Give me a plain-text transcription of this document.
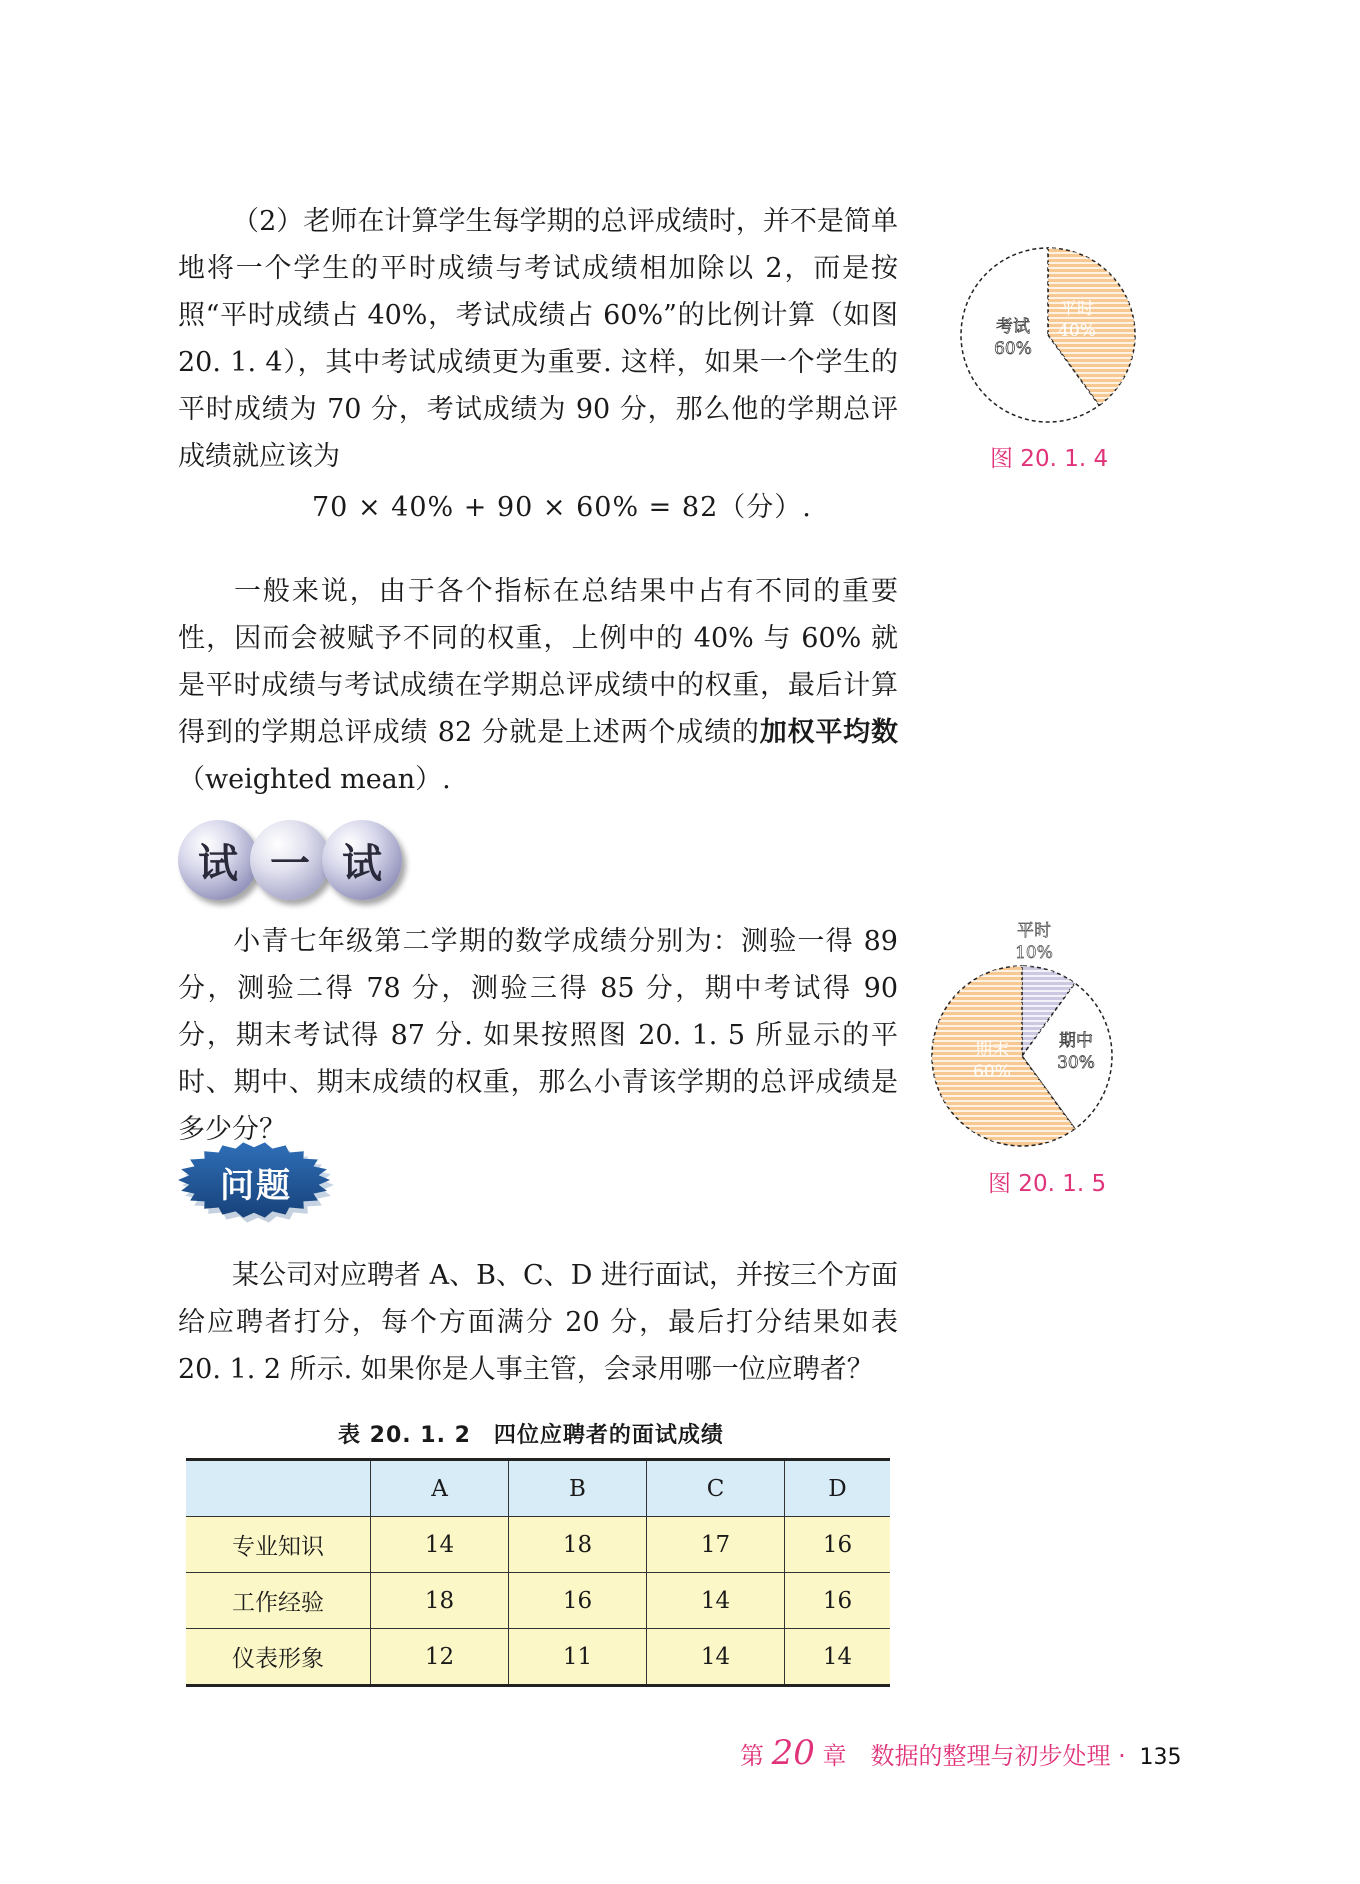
（2）老师在计算学生每学期的总评成绩时，并不是简单地将一个学生的平时成绩与考试成绩相加除以 2，而是按照“平时成绩占 40%，考试成绩占 60%”的比例计算（如图 20. 1. 4），其中考试成绩更为重要. 这样，如果一个学生的平时成绩为 70 分，考试成绩为 90 分，那么他的学期总评成绩就应该为

平时
40%
考试
60%
图 20. 1. 4
70 × 40% + 90 × 60% = 82（分）.

一般来说，由于各个指标在总结果中占有不同的重要性，因而会被赋予不同的权重，上例中的 40% 与 60% 就是平时成绩与考试成绩在学期总评成绩中的权重，最后计算得到的学期总评成绩 82 分就是上述两个成绩的加权平均数（weighted mean）.

试 一 试

小青七年级第二学期的数学成绩分别为：测验一得 89 分，测验二得 78 分，测验三得 85 分，期中考试得 90 分，期末考试得 87 分. 如果按照图 20. 1. 5 所显示的平时、期中、期末成绩的权重，那么小青该学期的总评成绩是多少分？

平时
10%
期中
30%
期末
60%
图 20. 1. 5
问题

某公司对应聘者 A、B、C、D 进行面试，并按三个方面给应聘者打分，每个方面满分 20 分，最后打分结果如表 20. 1. 2 所示. 如果你是人事主管，会录用哪一位应聘者？

表 20. 1. 2　四位应聘者的面试成绩
	A	B	C	D
专业知识	14	18	17	16
工作经验	18	16	14	16
仪表形象	12	11	14	14
第 20 章　数据的整理与初步处理 · 135
